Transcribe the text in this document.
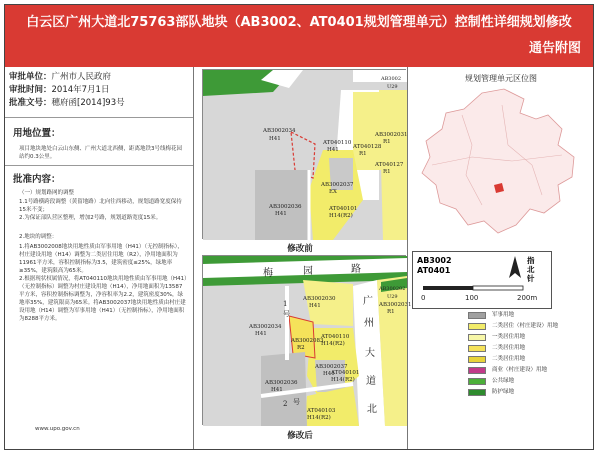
白云区广州大道北75763部队地块（AB3002、AT0401规划管理单元）控制性详细规划修改
通告附图
审批单位：广州市人民政府
审批时间：2014年7月1日
批准文号：穗府函[2014]93号
用地位置：
项目地块地处白云山东侧、广州大道北西侧，距离地铁3号线梅花园站约0.3公里。
批准内容：
（一）规划路网的调整
1.1号路横跨段调整（黄留地路）北向往西移动，规划道路宽度保持15米不变；
2.为保证部队营区整理，增加2号路，规划道路宽度15米。
2.地块的调整：
1.将AB3002008地块用地性质由军事用地（H41）（无控制指标），村庄建设用地（H14）调整为二类居住用地（R2），净用地面积为11961平方米，容积控制指标为3.5，建筑密度≤25%，绿地率≥35%，建筑限高为65米。
2.根据现状权属情况，将AT040110地块用地性质由军事用地（H41）（无控制指标）调整为村庄建设用地（H14），净用地面积为13587平方米，容积控制指标调整为，净容积率为2.2，建筑密度30%，绿地率35%，建筑限高为65米。将AB3002037地块用地性质由村庄建设用地（H14）调整为军事用地（H41）（无控制指标），净用地面积为8288平方米。
www.upo.gov.cn
AB3002034
H41
AT040110
H41	AT040128
R1
AB3002031
R1
AT040127
R1
AB3002037
EX
AB3002036
H41
AT040101
H14(R2)
AB3002
U29
修改前
梅	园	路
广
州
大
道
北
1
号
2 号
AB3002030
H41
AB3002034
H41
AB3002031
R1
AT040110
H14(R2)
AB3002083
R2
AB3002037
H41
AT040101
H14(R2)
AB3002036
H41
AT040103
H14(R2)
AB300202
U29
修改后
规划管理单元区位图
AB3002
AT0401
指北针
0	100	200m
军事用地
二类居住（村庄建设）用地
一类居住用地
二类居住用地
二类居住用地
商业（村庄建设）用地
公共绿地
防护绿地
